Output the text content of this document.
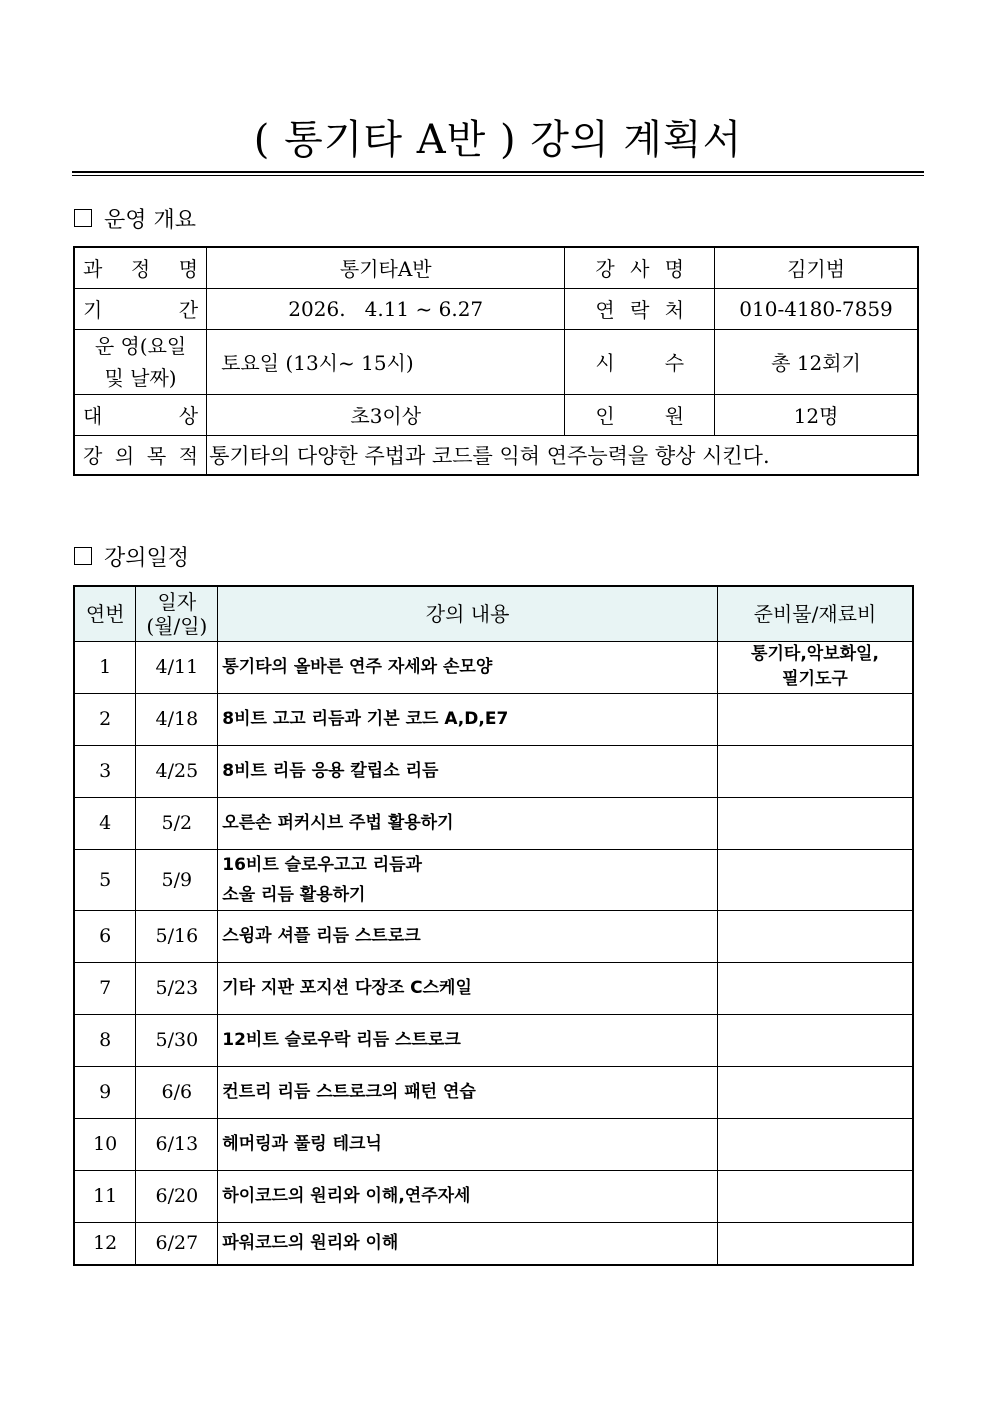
( 통기타 A반 ) 강의 계획서
운영 개요
과 정 명	통기타A반	강 사 명	김기범
기 간	2026.   4.11 ~ 6.27	연 락 처	010-4180-7859

운 영(요일
및 날짜)	토요일 (13시~ 15시)	시 수	총 12회기
대 상	초3이상	인 원	12명
강 의 목 적	통기타의 다양한 주법과 코드를 익혀 연주능력을 향상 시킨다.		
강의일정
연번	일자
(월/일)	강의 내용	준비물/재료비
1	4/11	통기타의 올바른 연주 자세와 손모양	통기타,악보화일,
필기도구

2	4/18	8비트 고고 리듬과 기본 코드 A,D,E7	

3	4/25	8비트 리듬 응용 칼립소 리듬	

4	5/2	오른손 퍼커시브 주법 활용하기	

5	5/9	16비트 슬로우고고 리듬과
소울 리듬 활용하기	

6	5/16	스윙과 셔플 리듬 스트로크	

7	5/23	기타 지판 포지션 다장조 C스케일	

8	5/30	12비트 슬로우락 리듬 스트로크	

9	6/6	컨트리 리듬 스트로크의 패턴 연습	

10	6/13	헤머링과 풀링 테크닉	

11	6/20	하이코드의 원리와 이해,연주자세	

12	6/27	파워코드의 원리와 이해	
